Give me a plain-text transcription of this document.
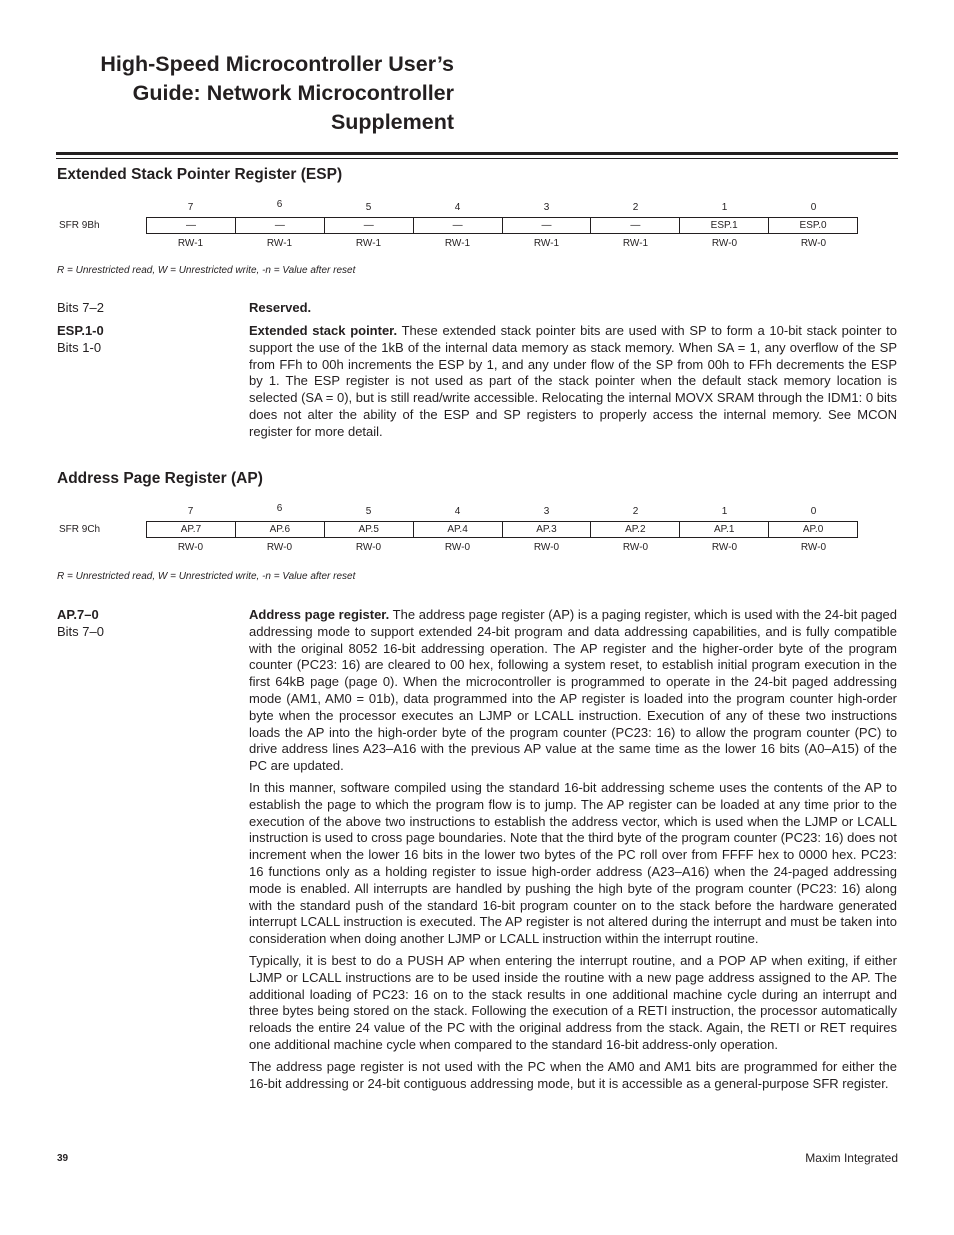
High-Speed Microcontroller User’s
Guide: Network Microcontroller
Supplement
Extended Stack Pointer Register (ESP)
7	6	5	4	3	2	1	0
SFR 9Bh	—	—	—	—	—	—	ESP.1	ESP.0
RW-1	RW-1	RW-1	RW-1	RW-1	RW-1	RW-0	RW-0
R = Unrestricted read, W = Unrestricted write, -n = Value after reset
Bits 7–2	Reserved.

ESP.1-0
Bits 1-0

Extended stack pointer. These extended stack pointer bits are used with SP to form a 10-bit stack pointer to support the use of the 1kB of the internal data memory as stack memory. When SA = 1, any overflow of the SP from FFh to 00h increments the ESP by 1, and any under flow of the SP from 00h to FFh decrements the ESP by 1. The ESP register is not used as part of the stack pointer when the default stack memory location is selected (SA = 0), but is still read/write accessible. Relocating the internal MOVX SRAM through the IDM1: 0 bits does not alter the ability of the ESP and SP registers to properly access the internal memory. See MCON register for more detail.

Address Page Register (AP)
7	6	5	4	3	2	1	0
SFR 9Ch	AP.7	AP.6	AP.5	AP.4	AP.3	AP.2	AP.1	AP.0
RW-0	RW-0	RW-0	RW-0	RW-0	RW-0	RW-0	RW-0
R = Unrestricted read, W = Unrestricted write, -n = Value after reset
AP.7–0
Bits 7–0

Address page register. The address page register (AP) is a paging register, which is used with the 24-bit paged addressing mode to support extended 24-bit program and data addressing capabilities, and is fully compatible with the original 8052 16-bit addressing operation. The AP register and the higher-order byte of the program counter (PC23: 16) are cleared to 00 hex, following a system reset, to establish initial program execution in the first 64kB page (page 0). When the microcontroller is programmed to operate in the 24-bit paged addressing mode (AM1, AM0 = 01b), data programmed into the AP register is loaded into the program counter high-order byte when the processor executes an LJMP or LCALL instruction. Execution of any of these two instructions loads the AP into the high-order byte of the program counter (PC23: 16) to allow the program counter (PC) to drive address lines A23–A16 with the previous AP value at the same time as the lower 16 bits (A0–A15) of the PC are updated.

In this manner, software compiled using the standard 16-bit addressing scheme uses the contents of the AP to establish the page to which the program flow is to jump. The AP register can be loaded at any time prior to the execution of the above two instructions to establish the address vector, which is used when the LJMP or LCALL instruction is used to cross page boundaries. Note that the third byte of the program counter (PC23: 16) does not increment when the lower 16 bits in the lower two bytes of the PC roll over from FFFF hex to 0000 hex. PC23: 16 functions only as a holding register to issue high-order address (A23–A16) when the 24-paged addressing mode is enabled. All interrupts are handled by pushing the high byte of the program counter (PC23: 16) along with the standard push of the standard 16-bit program counter on to the stack before the hardware generated interrupt LCALL instruction is executed. The AP register is not altered during the interrupt and must be taken into consideration when doing another LJMP or LCALL instruction within the interrupt routine.

Typically, it is best to do a PUSH AP when entering the interrupt routine, and a POP AP when exiting, if either LJMP or LCALL instructions are to be used inside the routine with a new page address assigned to the AP. The additional loading of PC23: 16 on to the stack results in one additional machine cycle during an interrupt and three bytes being stored on the stack. Following the execution of a RETI instruction, the processor automatically reloads the entire 24 value of the PC with the original address from the stack. Again, the RETI or RET requires one additional machine cycle when compared to the standard 16-bit address-only operation.

The address page register is not used with the PC when the AM0 and AM1 bits are programmed for either the 16-bit addressing or 24-bit contiguous addressing mode, but it is accessible as a general-purpose SFR register.

39	Maxim Integrated
